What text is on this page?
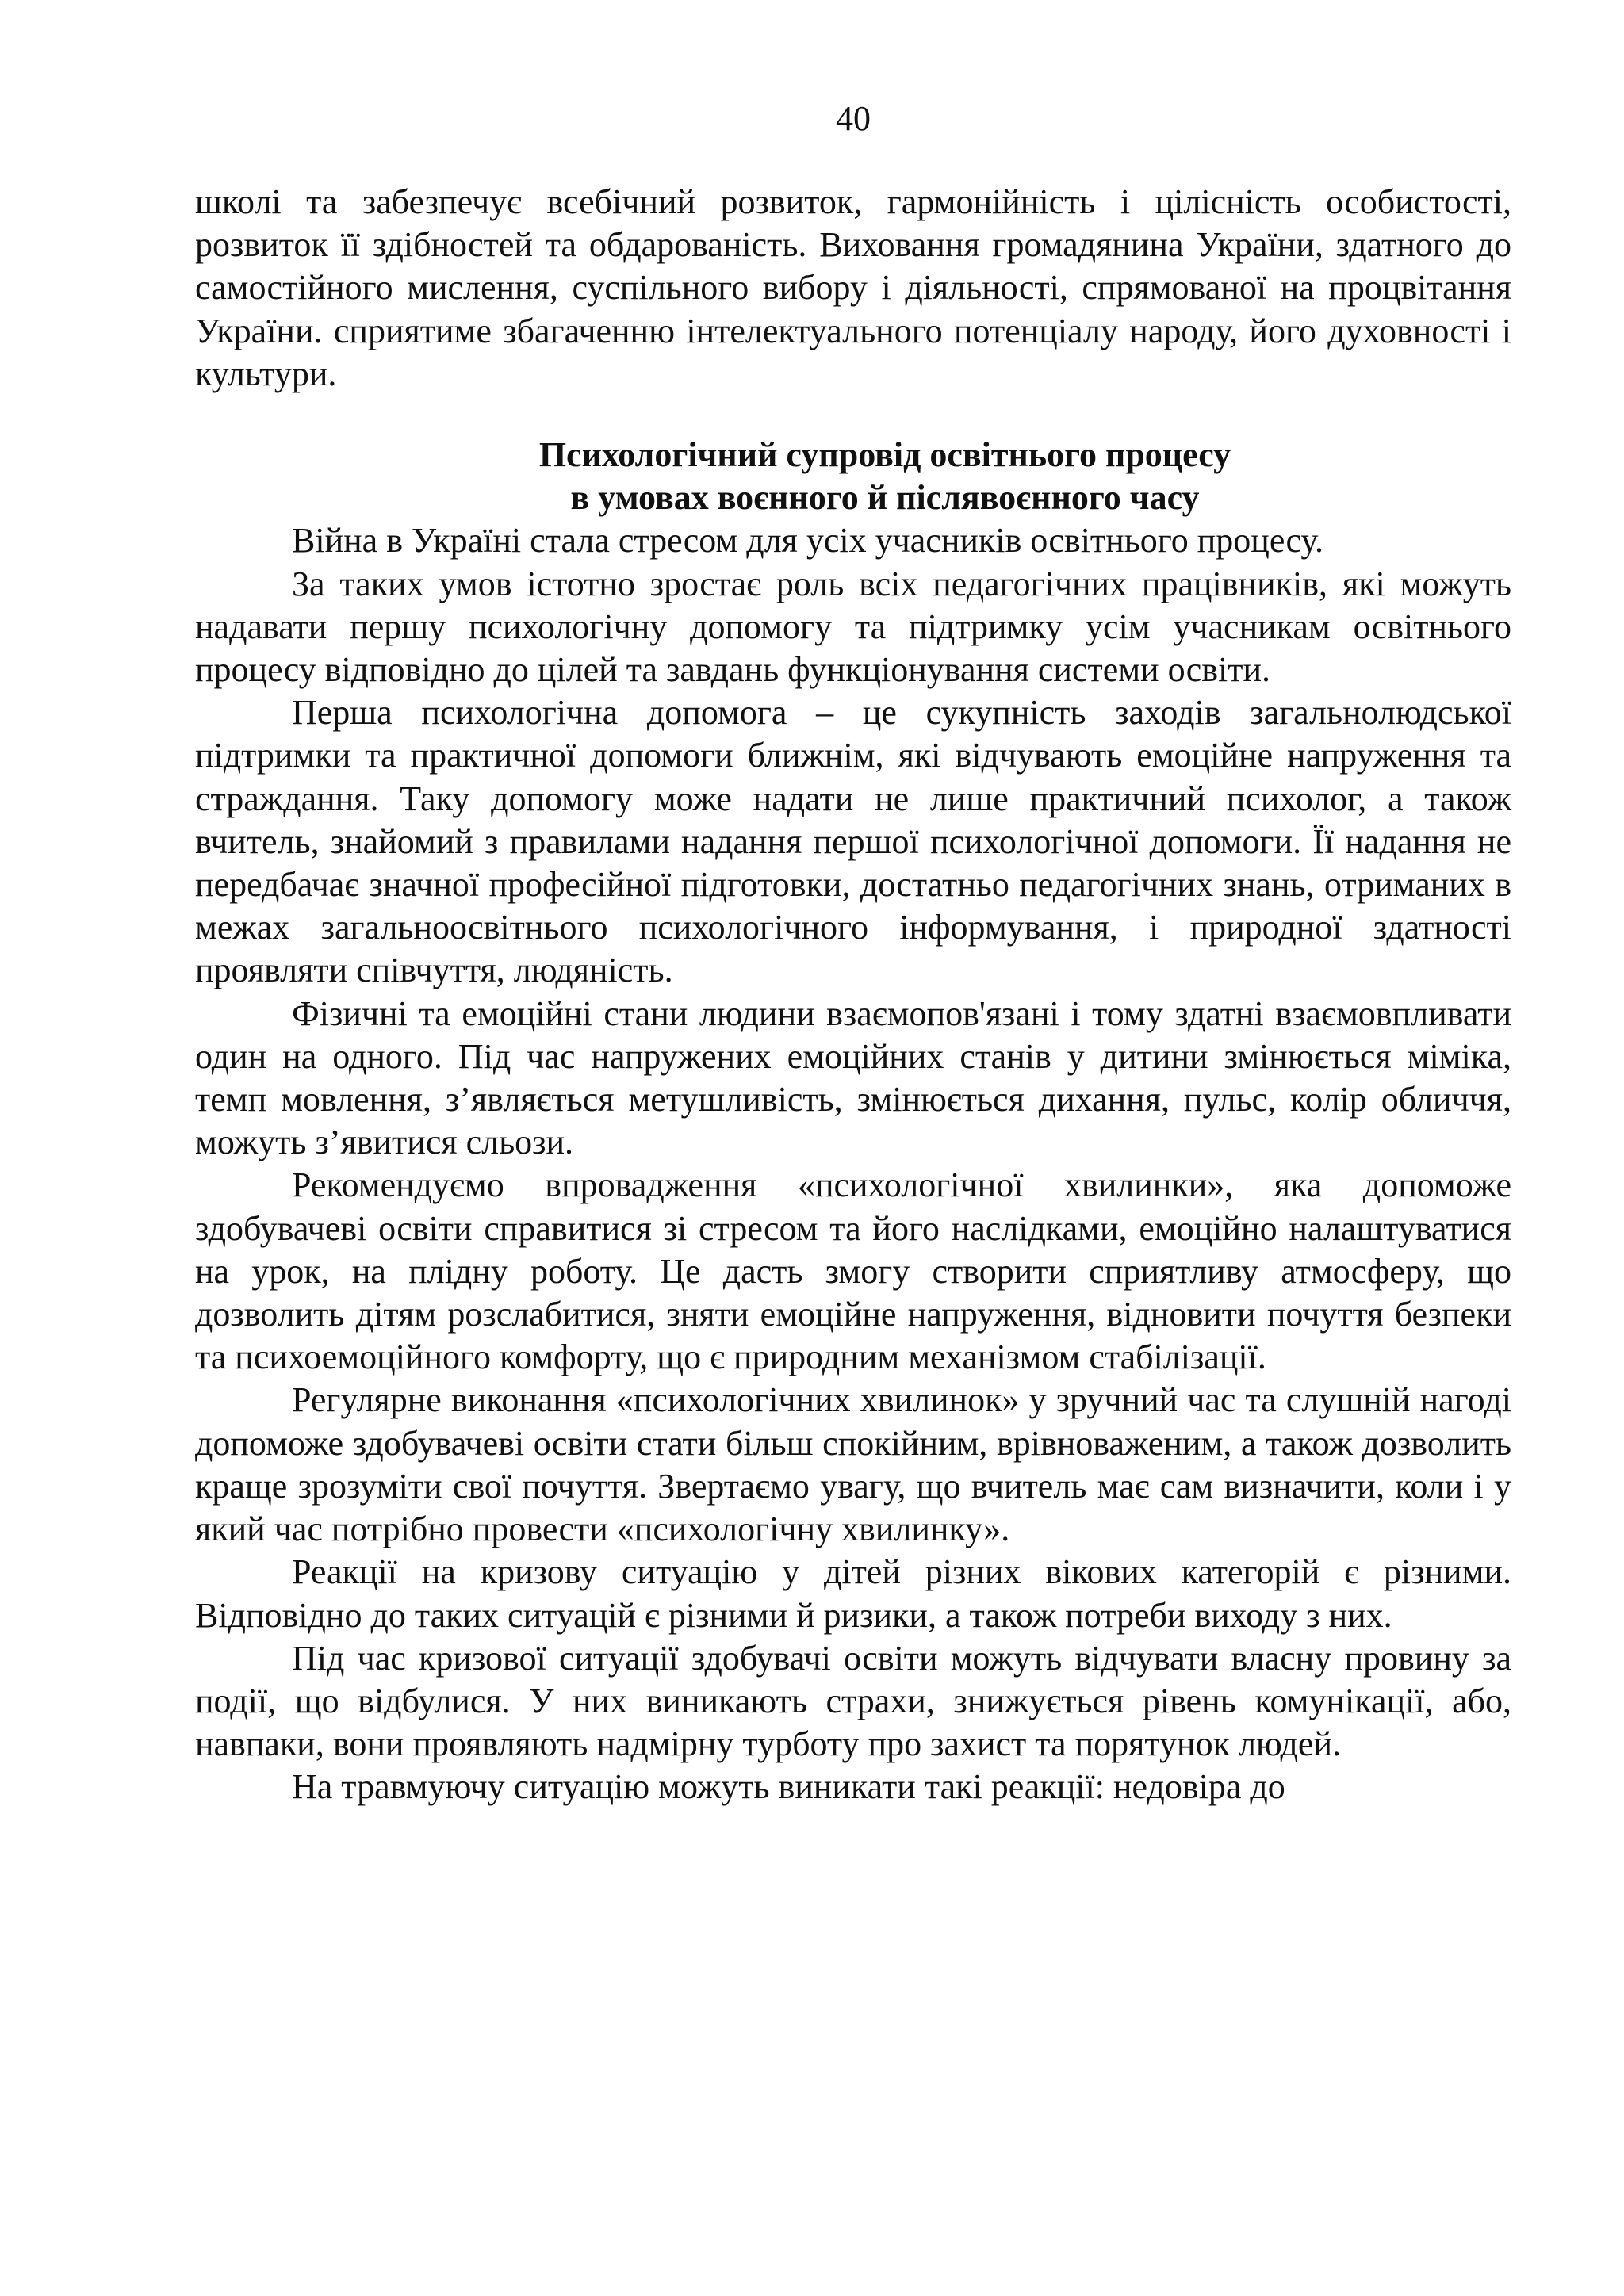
40

школі та забезпечує всебічний розвиток, гармонійність і цілісність особистості, розвиток її здібностей та обдарованість. Виховання громадянина України, здатного до самостійного мислення, суспільного вибору і діяльності, спрямованої на процвітання України. сприятиме збагаченню інтелектуального потенціалу народу, його духовності і культури.

Психологічний супровід освітнього процесу
в умовах воєнного й післявоєнного часу

Війна в Україні стала стресом для усіх учасників освітнього процесу.

За таких умов істотно зростає роль всіх педагогічних працівників, які можуть надавати першу психологічну допомогу та підтримку усім учасникам освітнього процесу відповідно до цілей та завдань функціонування системи освіти.

Перша психологічна допомога – це сукупність заходів загальнолюдської підтримки та практичної допомоги ближнім, які відчувають емоційне напруження та страждання. Таку допомогу може надати не лише практичний психолог, а також вчитель, знайомий з правилами надання першої психологічної допомоги. Її надання не передбачає значної професійної підготовки, достатньо педагогічних знань, отриманих в межах загальноосвітнього психологічного інформування, і природної здатності проявляти співчуття, людяність.

Фізичні та емоційні стани людини взаємопов'язані і тому здатні взаємовпливати один на одного. Під час напружених емоційних станів у дитини змінюється міміка, темп мовлення, з’являється метушливість, змінюється дихання, пульс, колір обличчя, можуть з’явитися сльози.

Рекомендуємо впровадження «психологічної хвилинки», яка допоможе здобувачеві освіти справитися зі стресом та його наслідками, емоційно налаштуватися на урок, на плідну роботу. Це дасть змогу створити сприятливу атмосферу, що дозволить дітям розслабитися, зняти емоційне напруження, відновити почуття безпеки та психоемоційного комфорту, що є природним механізмом стабілізації.

Регулярне виконання «психологічних хвилинок» у зручний час та слушній нагоді допоможе здобувачеві освіти стати більш спокійним, врівноваженим, а також дозволить краще зрозуміти свої почуття. Звертаємо увагу, що вчитель має сам визначити, коли і у який час потрібно провести «психологічну хвилинку».

Реакції на кризову ситуацію у дітей різних вікових категорій є різними. Відповідно до таких ситуацій є різними й ризики, а також потреби виходу з них.

Під час кризової ситуації здобувачі освіти можуть відчувати власну провину за події, що відбулися. У них виникають страхи, знижується рівень комунікації, або, навпаки, вони проявляють надмірну турботу про захист та порятунок людей.

На травмуючу ситуацію можуть виникати такі реакції: недовіра до
